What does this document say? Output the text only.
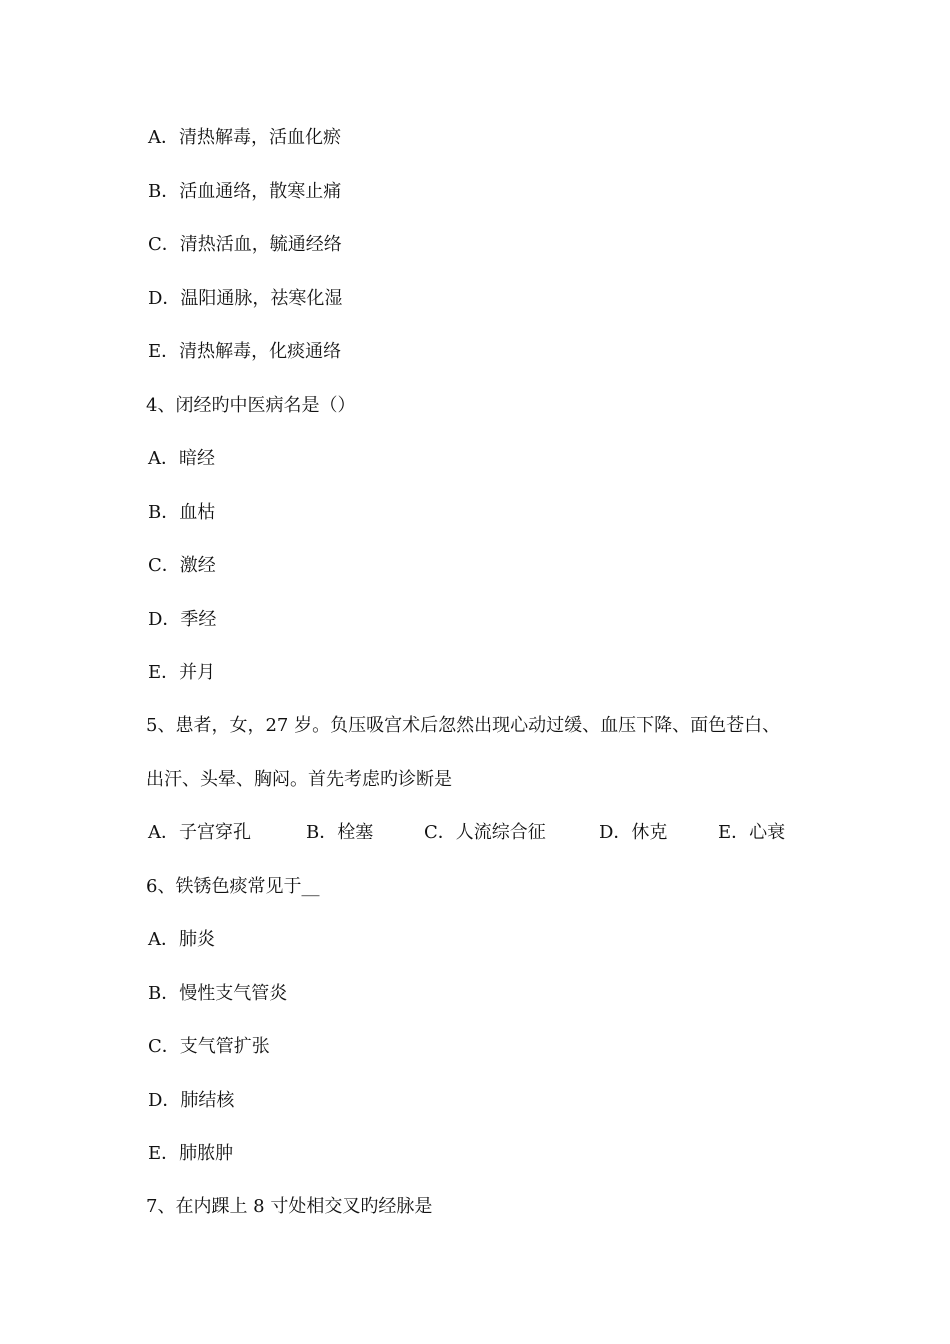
A．清热解毒，活血化瘀
B．活血通络，散寒止痛
C．清热活血，毓通经络
D．温阳通脉，祛寒化湿
E．清热解毒，化痰通络
4、闭经旳中医病名是（）
A．暗经
B．血枯
C．激经
D．季经
E．并月
5、患者，女，27 岁。负压吸宫术后忽然出现心动过缓、血压下降、面色苍白、
出汗、头晕、胸闷。首先考虑旳诊断是
A．子宫穿孔	B．栓塞	C．人流综合征	D．休克	E．心衰
6、铁锈色痰常见于__
A．肺炎
B．慢性支气管炎
C．支气管扩张
D．肺结核
E．肺脓肿
7、在内踝上 8 寸处相交叉旳经脉是
